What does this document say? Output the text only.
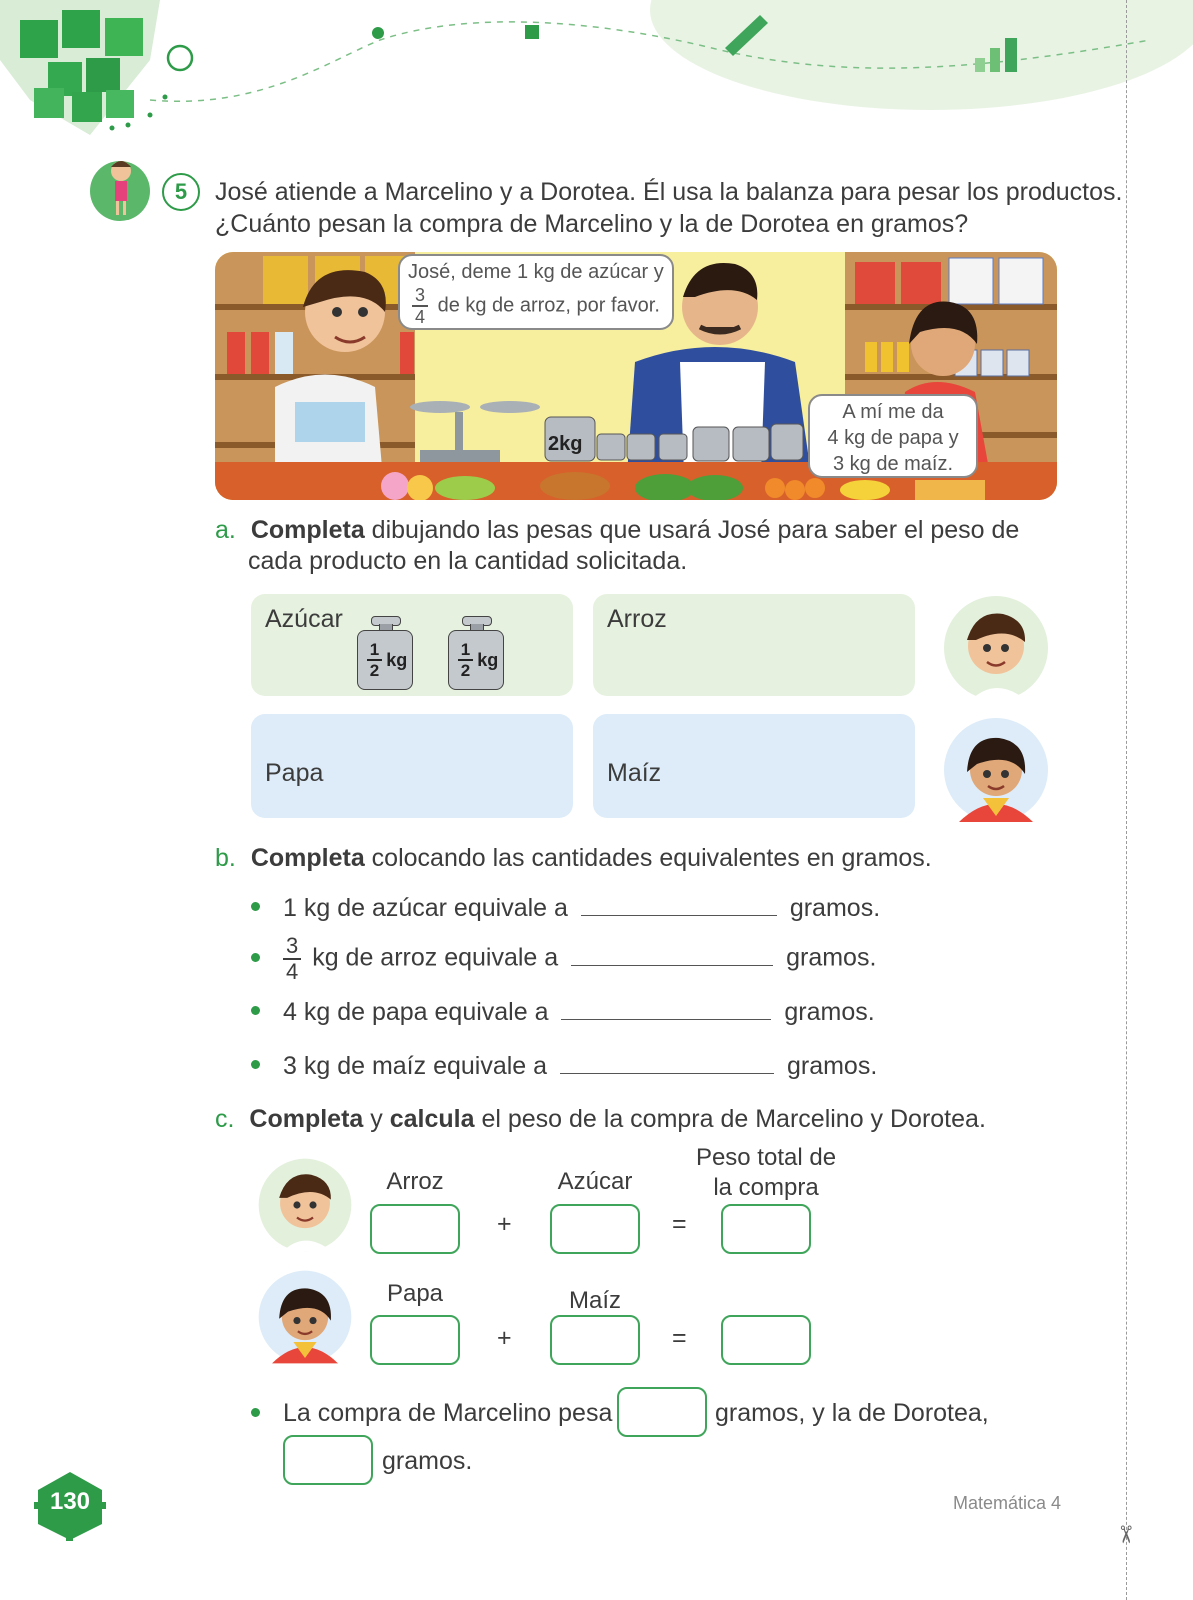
✂
5	José atiende a Marcelino y a Dorotea. Él usa la balanza para pesar los productos.
¿Cuánto pesan la compra de Marcelino y la de Dorotea en gramos?
2kg
José, deme 1 kg de azúcar y
$\frac{3}{4}$ de kg de arroz, por favor.
A mí me da
4 kg de papa y
3 kg de maíz.
a. Completa dibujando las pesas que usará José para saber el peso de
cada producto en la cantidad solicitada.
Azúcar	Arroz
Papa	Maíz
$\frac{1}{2}$ kg	$\frac{1}{2}$ kg
b. Completa colocando las cantidades equivalentes en gramos.
1 kg de azúcar equivale a	gramos.
$\frac{3}{4}$ kg de arroz equivale a	gramos.
4 kg de papa equivale a	gramos.
3 kg de maíz equivale a	gramos.
c. Completa y calcula el peso de la compra de Marcelino y Dorotea.
Arroz	Azúcar
Peso total de
la compra
+	=
Papa	Maíz
+	=
La compra de Marcelino pesa	gramos, y la de Dorotea,
gramos.
130	Matemática 4
